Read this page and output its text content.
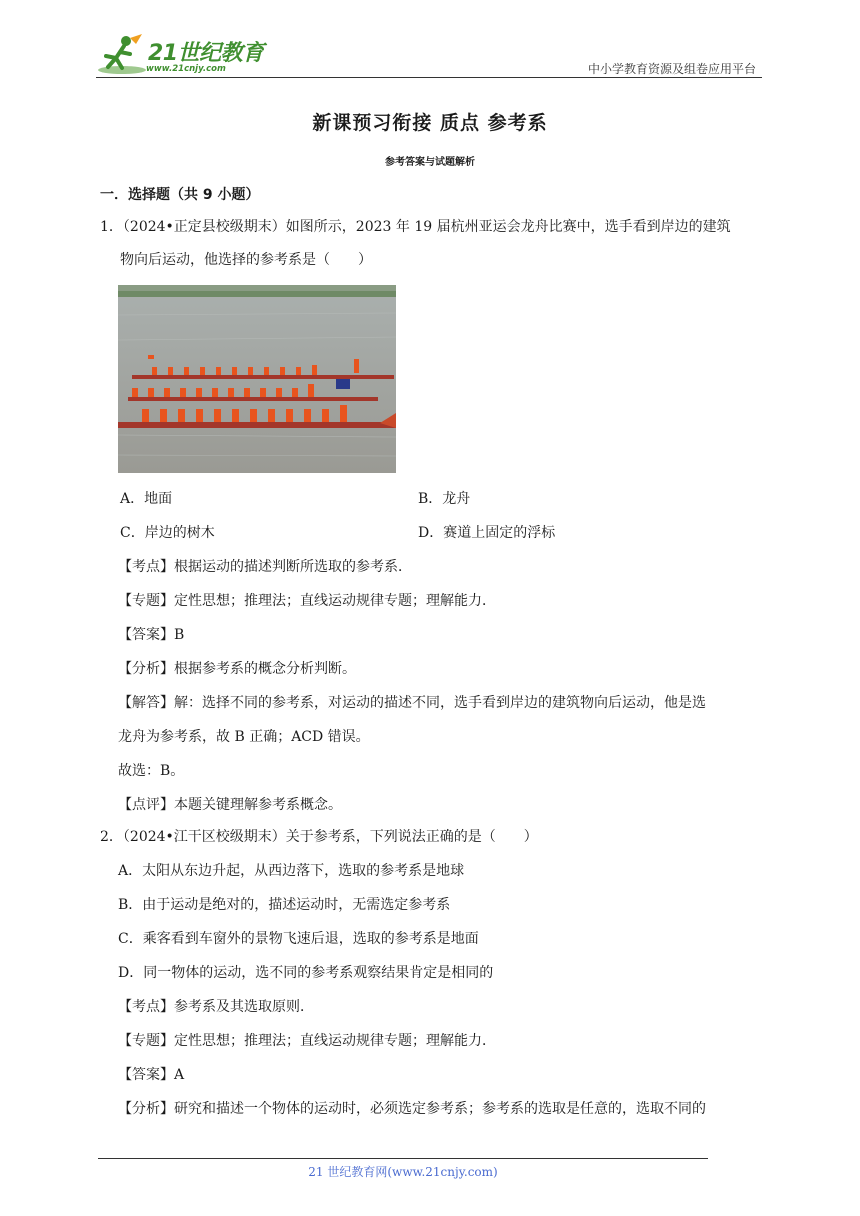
21世纪教育
www.21cnjy.com	中小学教育资源及组卷应用平台
新课预习衔接 质点 参考系
参考答案与试题解析
一．选择题（共 9 小题）
1．（2024•正定县校级期末）如图所示，2023 年 19 届杭州亚运会龙舟比赛中，选手看到岸边的建筑
物向后运动，他选择的参考系是（　　）
A．地面	B．龙舟
C．岸边的树木	D．赛道上固定的浮标
【考点】根据运动的描述判断所选取的参考系．
【专题】定性思想；推理法；直线运动规律专题；理解能力．
【答案】B
【分析】根据参考系的概念分析判断。
【解答】解：选择不同的参考系，对运动的描述不同，选手看到岸边的建筑物向后运动，他是选
龙舟为参考系，故 B 正确；ACD 错误。
故选：B。
【点评】本题关键理解参考系概念。
2．（2024•江干区校级期末）关于参考系，下列说法正确的是（　　）
A．太阳从东边升起，从西边落下，选取的参考系是地球
B．由于运动是绝对的，描述运动时，无需选定参考系
C．乘客看到车窗外的景物飞速后退，选取的参考系是地面
D．同一物体的运动，选不同的参考系观察结果肯定是相同的
【考点】参考系及其选取原则．
【专题】定性思想；推理法；直线运动规律专题；理解能力．
【答案】A
【分析】研究和描述一个物体的运动时，必须选定参考系；参考系的选取是任意的，选取不同的
21 世纪教育网(www.21cnjy.com)
